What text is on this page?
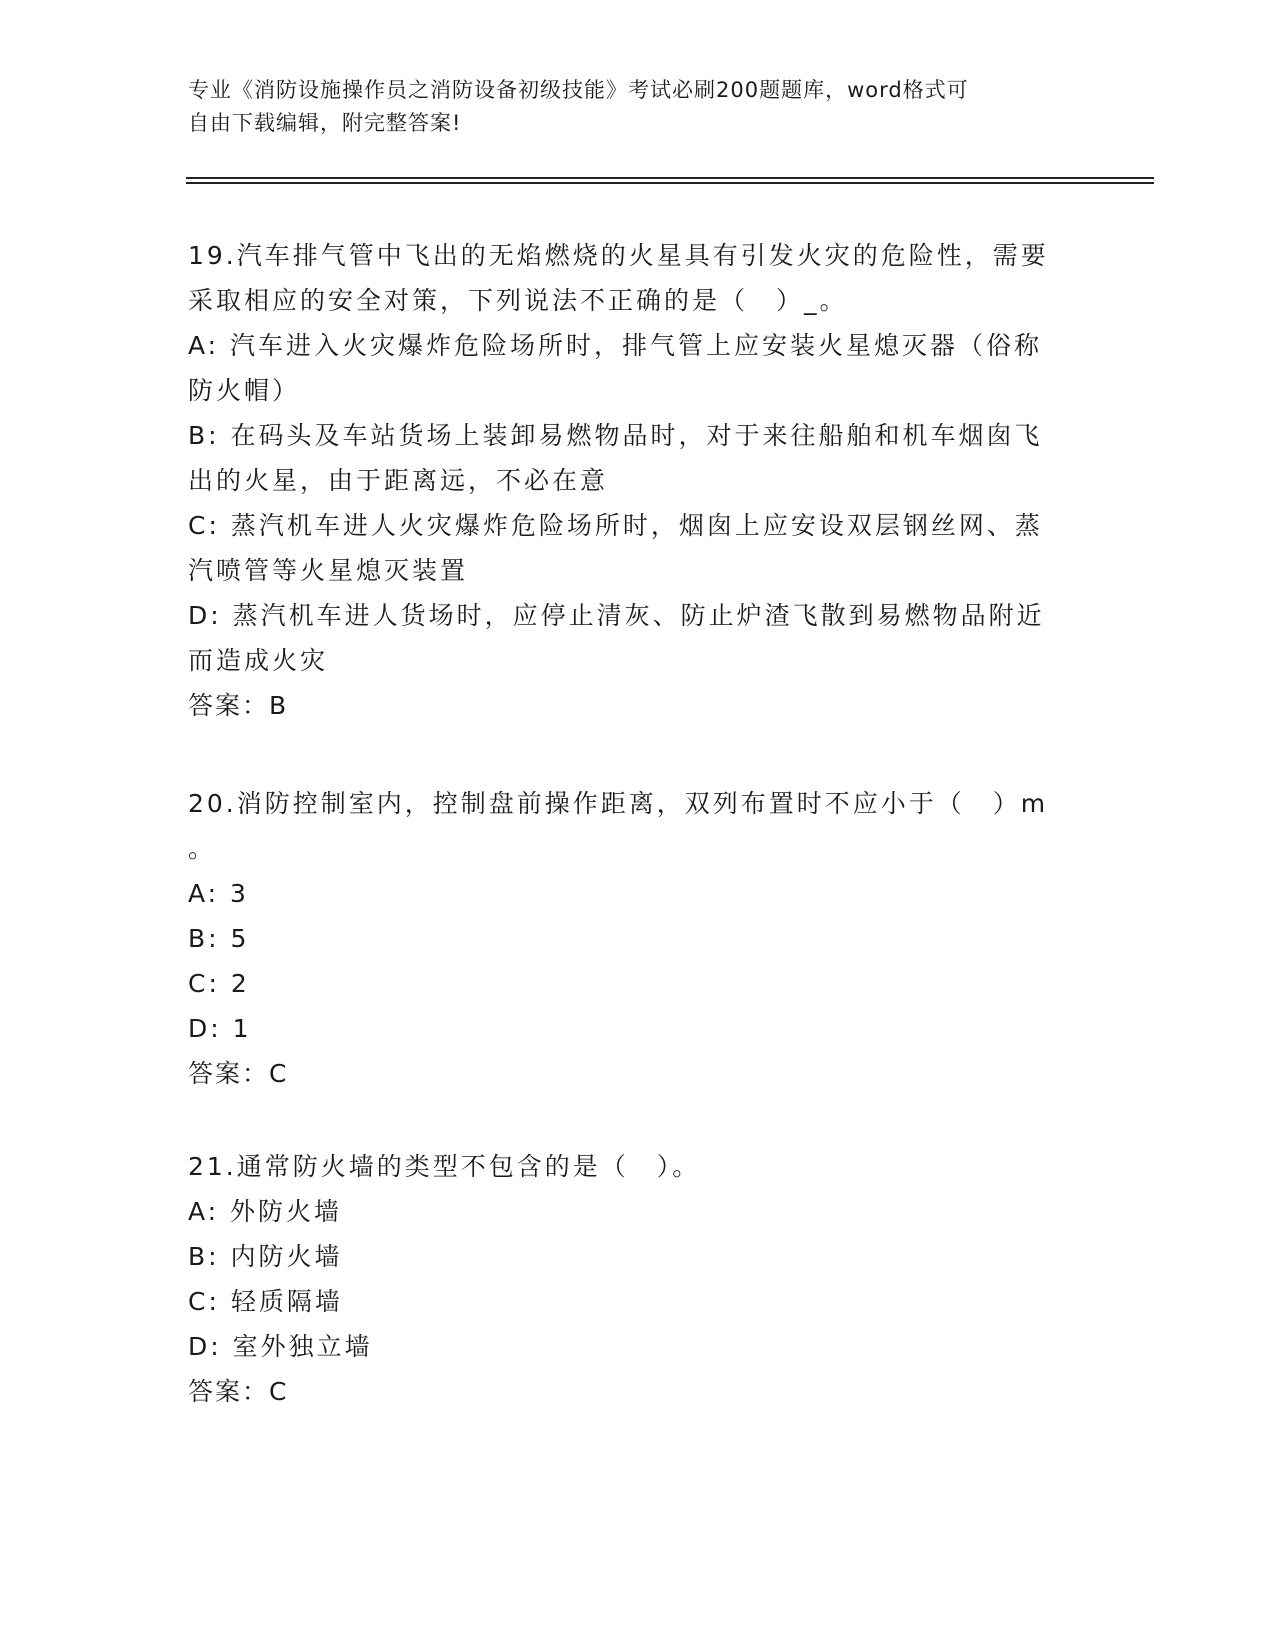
专业《消防设施操作员之消防设备初级技能》考试必刷200题题库，word格式可
自由下载编辑，附完整答案!
19.汽车排气管中飞出的无焰燃烧的火星具有引发火灾的危险性，需要
采取相应的安全对策，下列说法不正确的是（　）_。
A: 汽车进入火灾爆炸危险场所时，排气管上应安装火星熄灭器（俗称
防火帽）
B: 在码头及车站货场上装卸易燃物品时，对于来往船舶和机车烟囱飞
出的火星，由于距离远，不必在意
C: 蒸汽机车进人火灾爆炸危险场所时，烟囱上应安设双层钢丝网、蒸
汽喷管等火星熄灭装置
D: 蒸汽机车进人货场时，应停止清灰、防止炉渣飞散到易燃物品附近
而造成火灾
答案：B
20.消防控制室内，控制盘前操作距离，双列布置时不应小于（　）m
。
A: 3
B: 5
C: 2
D: 1
答案：C
21.通常防火墙的类型不包含的是（　）。
A: 外防火墙
B: 内防火墙
C: 轻质隔墙
D: 室外独立墙
答案：C
